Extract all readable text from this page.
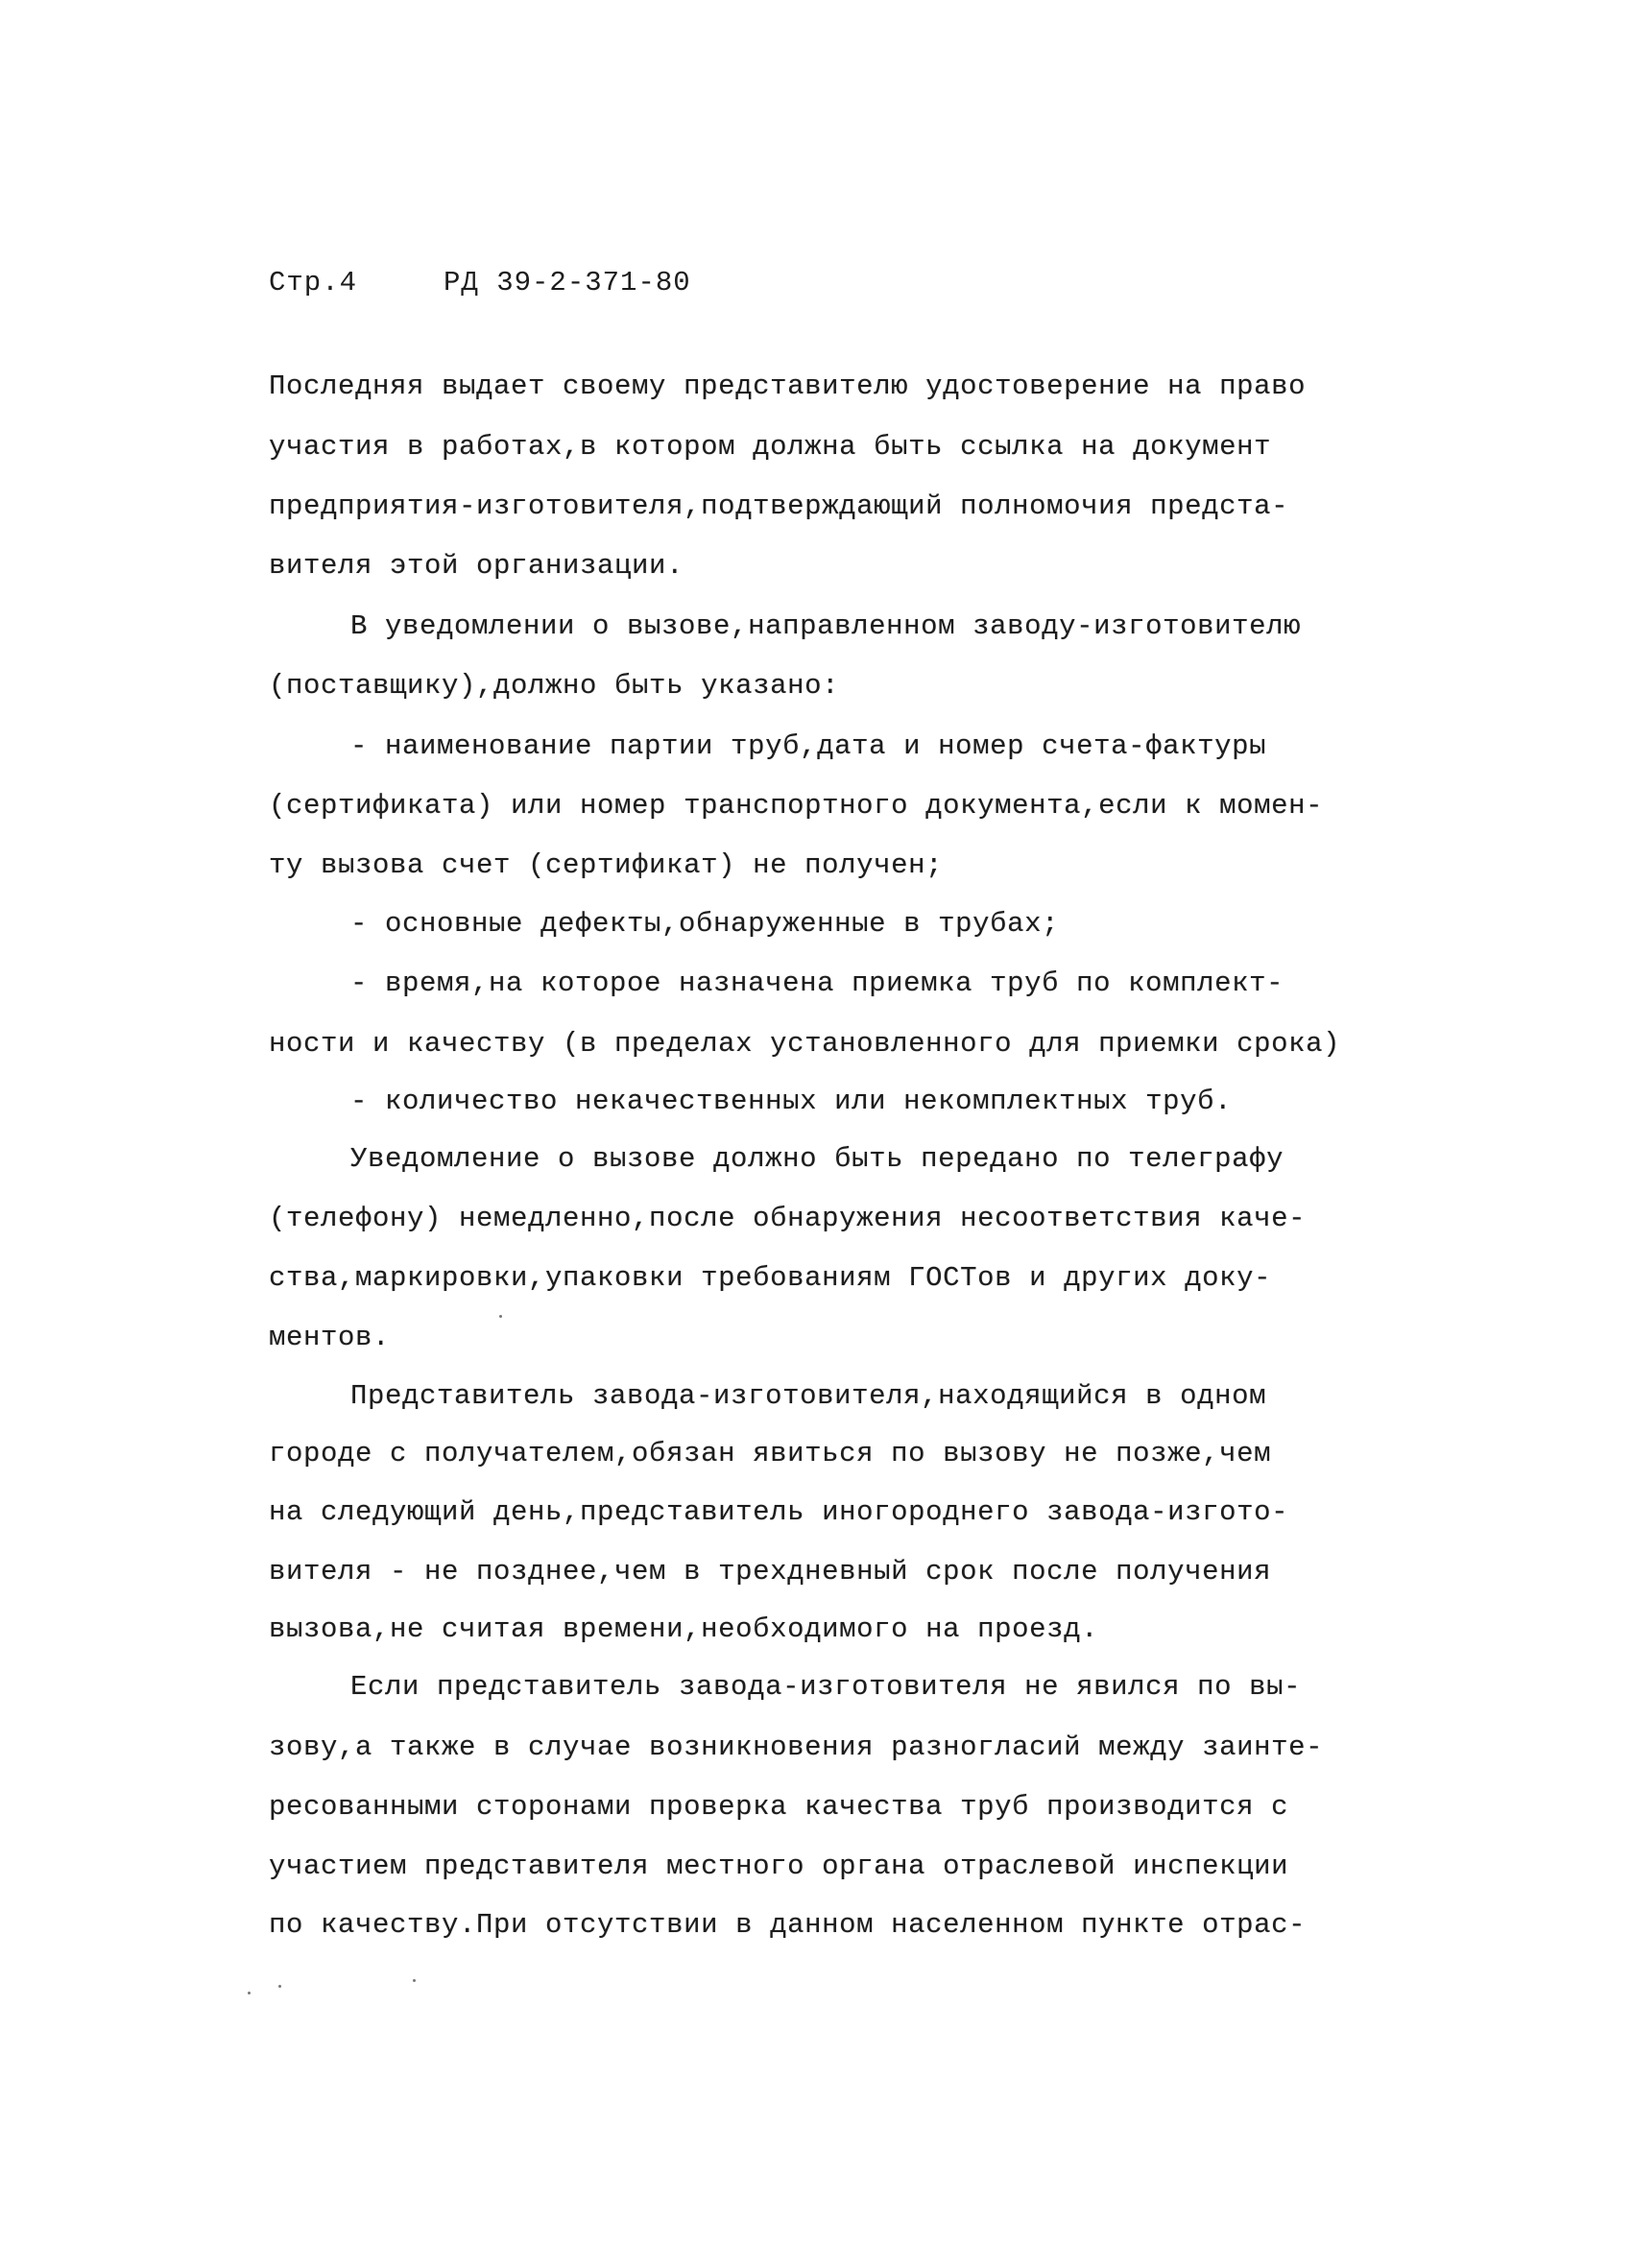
Стр.4	РД 39-2-371-80
Последняя выдает своему представителю удостоверение на право
участия в работах,в котором должна быть ссылка на документ
предприятия-изготовителя,подтверждающий полномочия предста-
вителя этой организации.
В уведомлении о вызове,направленном заводу-изготовителю
(поставщику),должно быть указано:
- наименование партии труб,дата и номер счета-фактуры
(сертификата) или номер транспортного документа,если к момен-
ту вызова счет (сертификат) не получен;
- основные дефекты,обнаруженные в трубах;
- время,на которое назначена приемка труб по комплект-
ности и качеству (в пределах установленного для приемки срока)
- количество некачественных или некомплектных труб.
Уведомление о вызове должно быть передано по телеграфу
(телефону) немедленно,после обнаружения несоответствия каче-
ства,маркировки,упаковки требованиям ГОСТов и других доку-
ментов.
Представитель завода-изготовителя,находящийся в одном
городе с получателем,обязан явиться по вызову не позже,чем
на следующий день,представитель иногороднего завода-изгото-
вителя - не позднее,чем в трехдневный срок после получения
вызова,не считая времени,необходимого на проезд.
Если представитель завода-изготовителя не явился по вы-
зову,а также в случае возникновения разногласий между заинте-
ресованными сторонами проверка качества труб производится с
участием представителя местного органа отраслевой инспекции
по качеству.При отсутствии в данном населенном пункте отрас-
